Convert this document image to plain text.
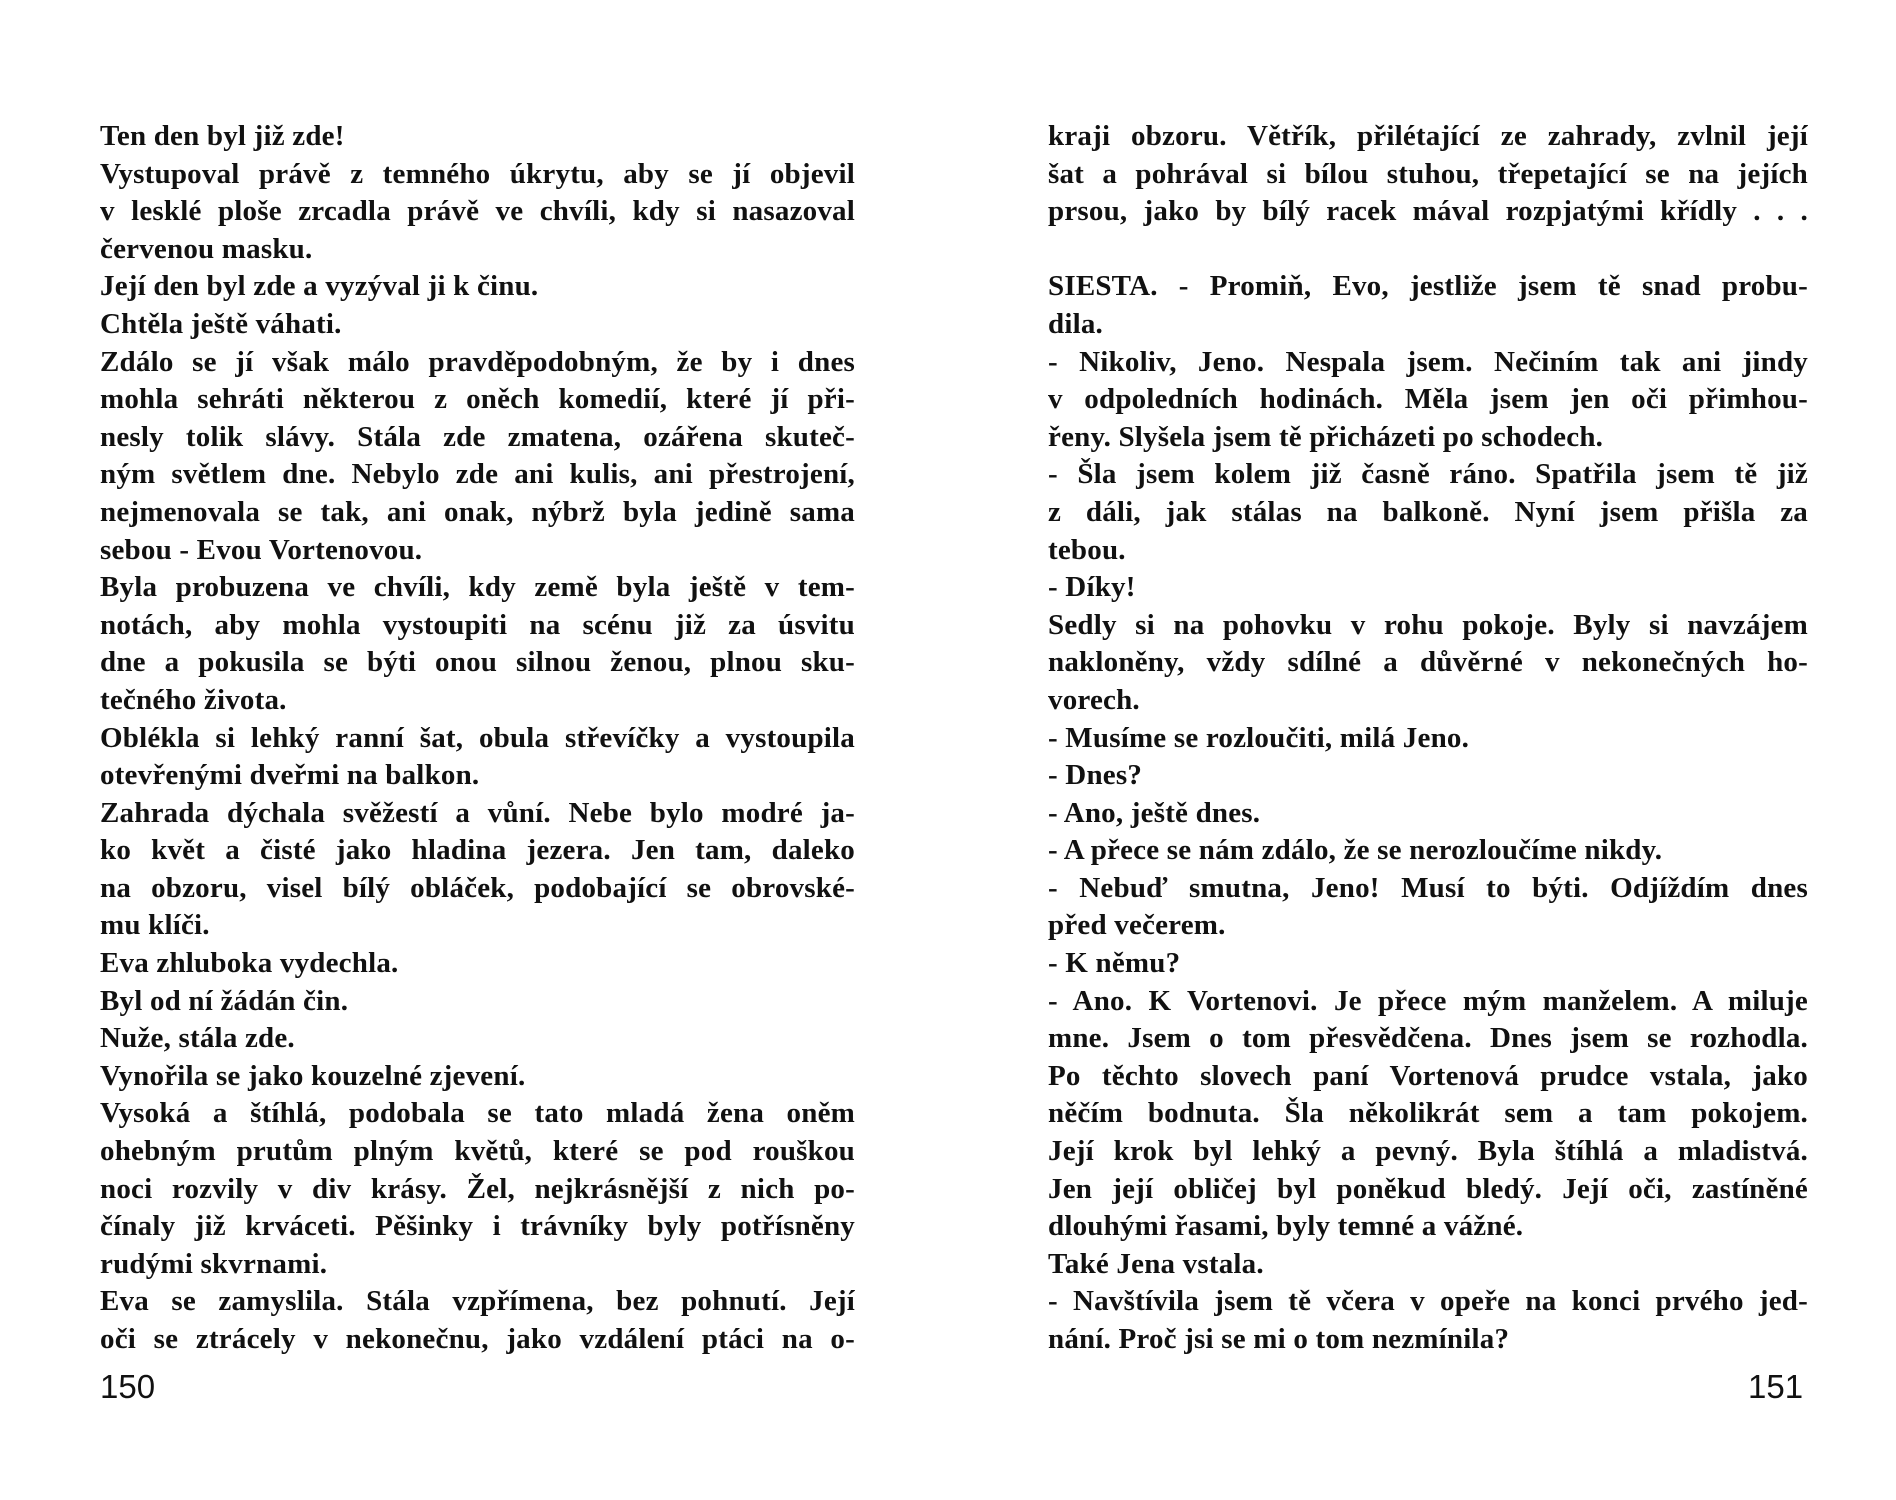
Ten den byl již zde!
Vystupoval právě z temného úkrytu, aby se jí objevil
v lesklé ploše zrcadla právě ve chvíli, kdy si nasazoval
červenou masku.
Její den byl zde a vyzýval ji k činu.
Chtěla ještě váhati.
Zdálo se jí však málo pravděpodobným, že by i dnes
mohla sehráti některou z oněch komedií, které jí při-
nesly tolik slávy. Stála zde zmatena, ozářena skuteč-
ným světlem dne. Nebylo zde ani kulis, ani přestrojení,
nejmenovala se tak, ani onak, nýbrž byla jedině sama
sebou - Evou Vortenovou.
Byla probuzena ve chvíli, kdy země byla ještě v tem-
notách, aby mohla vystoupiti na scénu již za úsvitu
dne a pokusila se býti onou silnou ženou, plnou sku-
tečného života.
Oblékla si lehký ranní šat, obula střevíčky a vystoupila
otevřenými dveřmi na balkon.
Zahrada dýchala svěžestí a vůní. Nebe bylo modré ja-
ko květ a čisté jako hladina jezera. Jen tam, daleko
na obzoru, visel bílý obláček, podobající se obrovské-
mu klíči.
Eva zhluboka vydechla.
Byl od ní žádán čin.
Nuže, stála zde.
Vynořila se jako kouzelné zjevení.
Vysoká a štíhlá, podobala se tato mladá žena oněm
ohebným prutům plným květů, které se pod rouškou
noci rozvily v div krásy. Žel, nejkrásnější z nich po-
čínaly již krváceti. Pěšinky i trávníky byly potřísněny
rudými skvrnami.
Eva se zamyslila. Stála vzpřímena, bez pohnutí. Její
oči se ztrácely v nekonečnu, jako vzdálení ptáci na o-
150
kraji obzoru. Větřík, přilétající ze zahrady, zvlnil její
šat a pohrával si bílou stuhou, třepetající se na jejích
prsou, jako by bílý racek mával rozpjatými křídly . . .
SIESTA. - Promiň, Evo, jestliže jsem tě snad probu-
dila.
- Nikoliv, Jeno. Nespala jsem. Nečiním tak ani jindy
v odpoledních hodinách. Měla jsem jen oči přimhou-
řeny. Slyšela jsem tě přicházeti po schodech.
- Šla jsem kolem již časně ráno. Spatřila jsem tě již
z dáli, jak stálas na balkoně. Nyní jsem přišla za
tebou.
- Díky!
Sedly si na pohovku v rohu pokoje. Byly si navzájem
nakloněny, vždy sdílné a důvěrné v nekonečných ho-
vorech.
- Musíme se rozloučiti, milá Jeno.
- Dnes?
- Ano, ještě dnes.
- A přece se nám zdálo, že se nerozloučíme nikdy.
- Nebuď smutna, Jeno! Musí to býti. Odjíždím dnes
před večerem.
- K němu?
- Ano. K Vortenovi. Je přece mým manželem. A miluje
mne. Jsem o tom přesvědčena. Dnes jsem se rozhodla.
Po těchto slovech paní Vortenová prudce vstala, jako
něčím bodnuta. Šla několikrát sem a tam pokojem.
Její krok byl lehký a pevný. Byla štíhlá a mladistvá.
Jen její obličej byl poněkud bledý. Její oči, zastíněné
dlouhými řasami, byly temné a vážné.
Také Jena vstala.
- Navštívila jsem tě včera v opeře na konci prvého jed-
nání. Proč jsi se mi o tom nezmínila?
151
